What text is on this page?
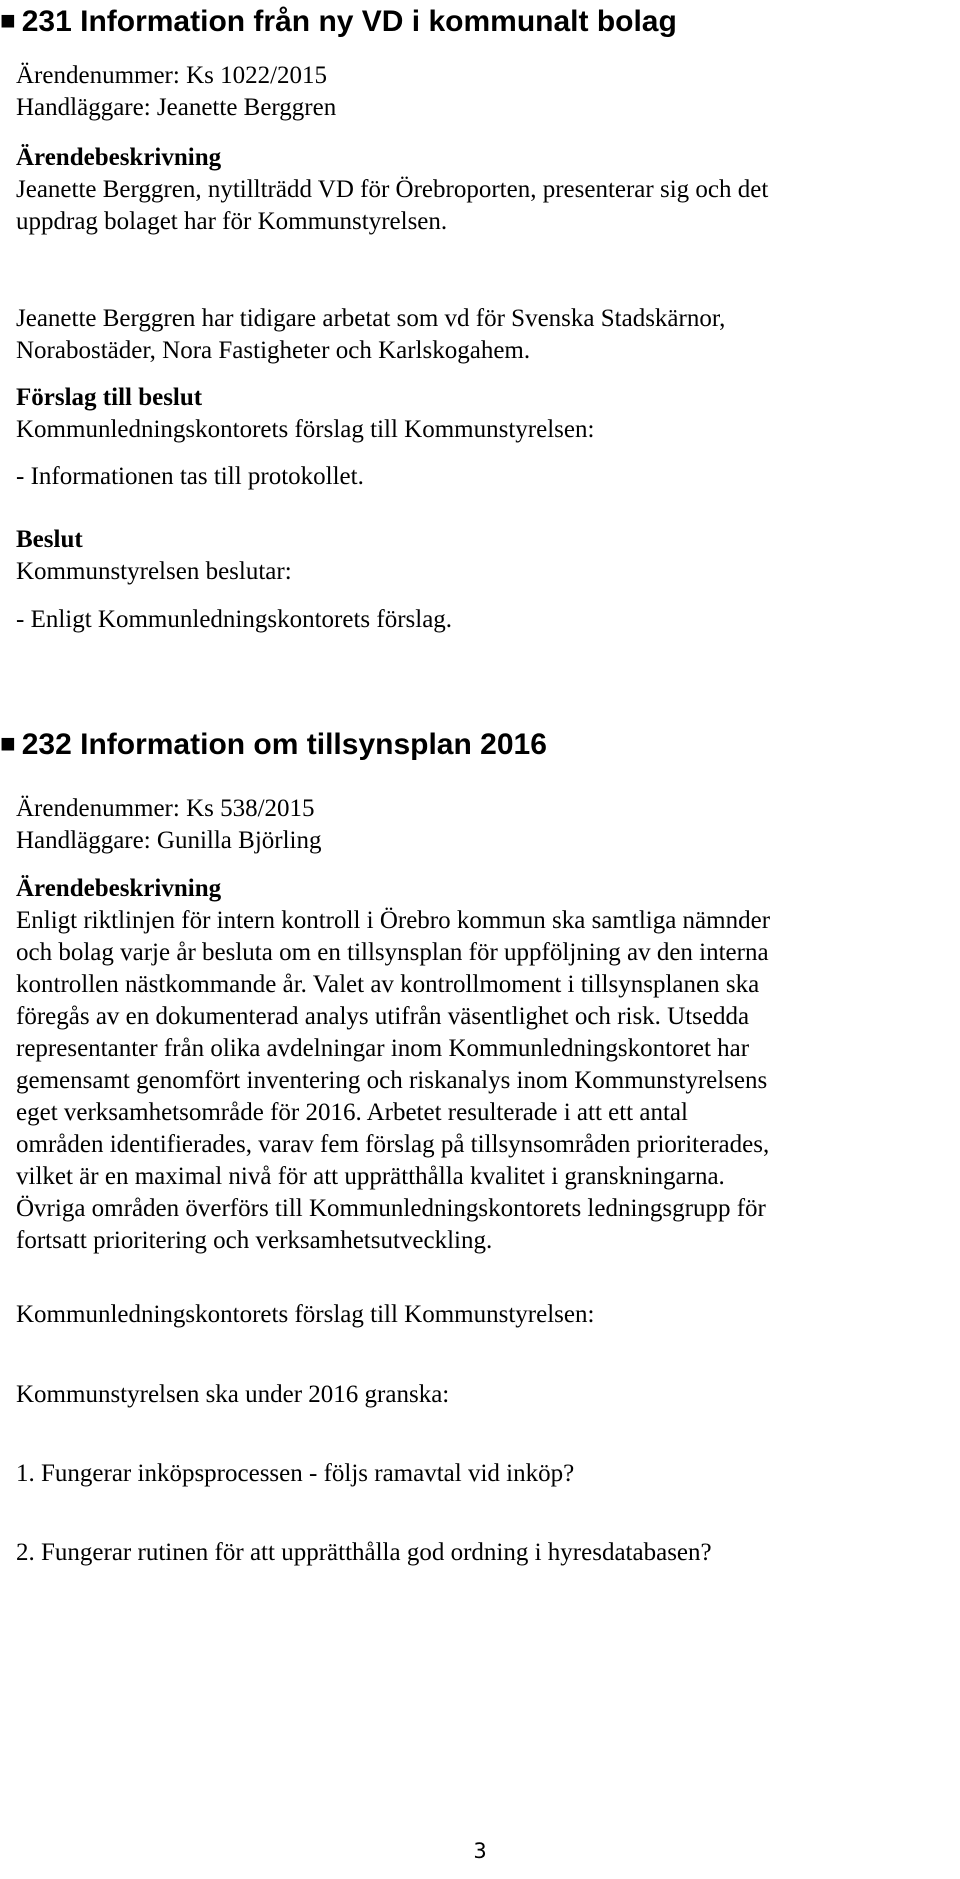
■ 231 Information från ny VD i kommunalt bolag

Ärendenummer: Ks 1022/2015

Handläggare: Jeanette Berggren

Ärendebeskrivning

Jeanette Berggren, nytillträdd VD för Örebroporten, presenterar sig och det

uppdrag bolaget har för Kommunstyrelsen.

Jeanette Berggren har tidigare arbetat som vd för Svenska Stadskärnor,

Norabostäder, Nora Fastigheter och Karlskogahem.

Förslag till beslut

Kommunledningskontorets förslag till Kommunstyrelsen:

- Informationen tas till protokollet.

Beslut

Kommunstyrelsen beslutar:

- Enligt Kommunledningskontorets förslag.

■ 232 Information om tillsynsplan 2016

Ärendenummer: Ks 538/2015

Handläggare: Gunilla Björling

Ärendebeskrivning

Enligt riktlinjen för intern kontroll i Örebro kommun ska samtliga nämnder

och bolag varje år besluta om en tillsynsplan för uppföljning av den interna

kontrollen nästkommande år. Valet av kontrollmoment i tillsynsplanen ska

föregås av en dokumenterad analys utifrån väsentlighet och risk. Utsedda

representanter från olika avdelningar inom Kommunledningskontoret har

gemensamt genomfört inventering och riskanalys inom Kommunstyrelsens

eget verksamhetsområde för 2016. Arbetet resulterade i att ett antal

områden identifierades, varav fem förslag på tillsynsområden prioriterades,

vilket är en maximal nivå för att upprätthålla kvalitet i granskningarna.

Övriga områden överförs till Kommunledningskontorets ledningsgrupp för

fortsatt prioritering och verksamhetsutveckling.

Kommunledningskontorets förslag till Kommunstyrelsen:

Kommunstyrelsen ska under 2016 granska:

1. Fungerar inköpsprocessen - följs ramavtal vid inköp?

2. Fungerar rutinen för att upprätthålla god ordning i hyresdatabasen?

3
